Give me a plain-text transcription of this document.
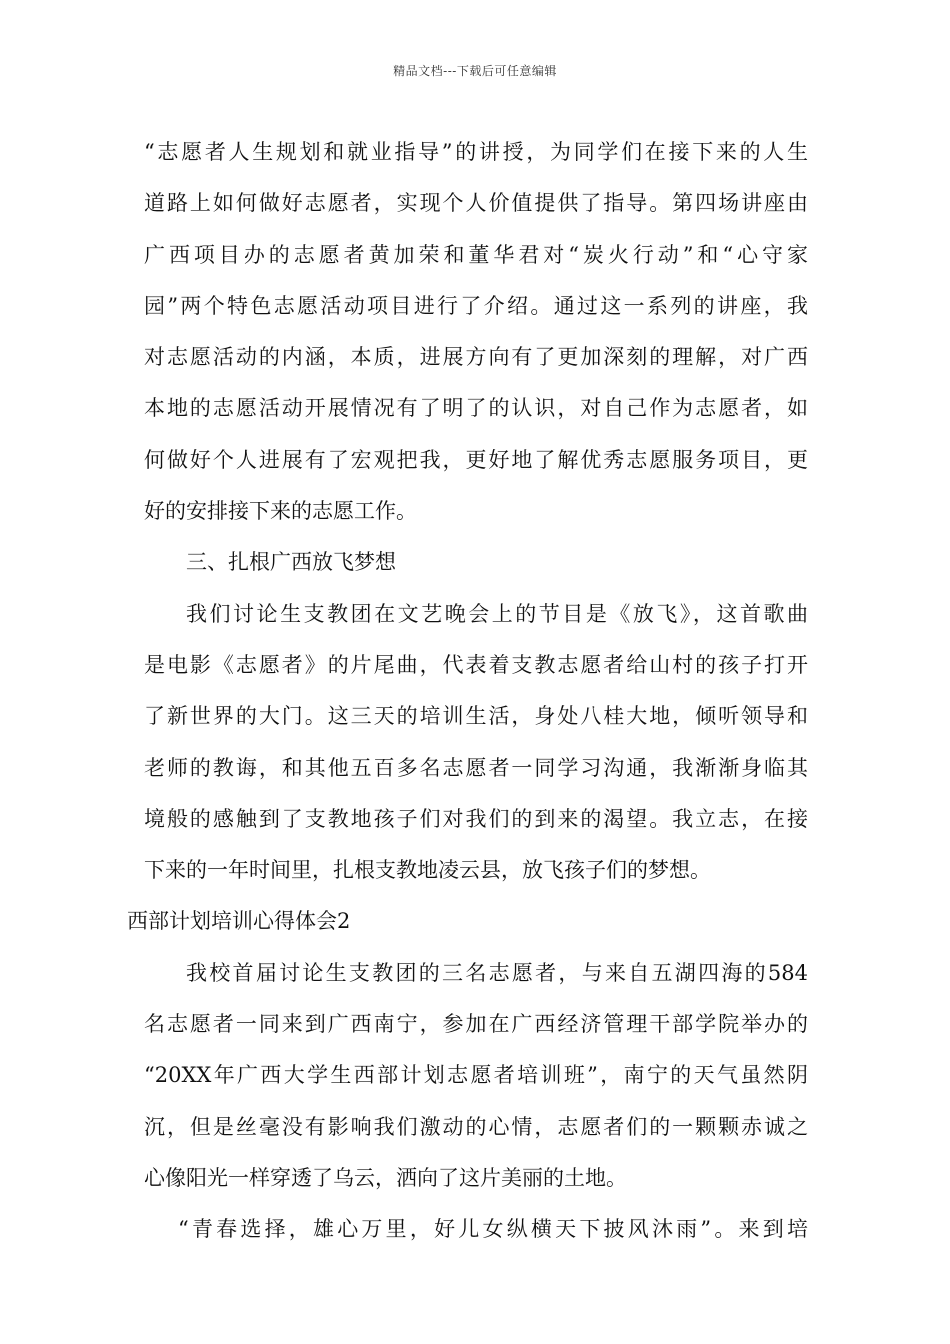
精品文档---下载后可任意编辑
“志愿者人生规划和就业指导”的讲授，为同学们在接下来的人生
道路上如何做好志愿者，实现个人价值提供了指导。第四场讲座由
广西项目办的志愿者黄加荣和董华君对“炭火行动”和“心守家
园”两个特色志愿活动项目进行了介绍。通过这一系列的讲座，我
对志愿活动的内涵，本质，进展方向有了更加深刻的理解，对广西
本地的志愿活动开展情况有了明了的认识，对自己作为志愿者，如
何做好个人进展有了宏观把我，更好地了解优秀志愿服务项目，更
好的安排接下来的志愿工作。
三、扎根广西放飞梦想
我们讨论生支教团在文艺晚会上的节目是《放飞》，这首歌曲
是电影《志愿者》的片尾曲，代表着支教志愿者给山村的孩子打开
了新世界的大门。这三天的培训生活，身处八桂大地，倾听领导和
老师的教诲，和其他五百多名志愿者一同学习沟通，我渐渐身临其
境般的感触到了支教地孩子们对我们的到来的渴望。我立志，在接
下来的一年时间里，扎根支教地凌云县，放飞孩子们的梦想。
西部计划培训心得体会2
我校首届讨论生支教团的三名志愿者，与来自五湖四海的584
名志愿者一同来到广西南宁，参加在广西经济管理干部学院举办的
“20XX年广西大学生西部计划志愿者培训班”，南宁的天气虽然阴
沉，但是丝毫没有影响我们激动的心情，志愿者们的一颗颗赤诚之
心像阳光一样穿透了乌云，洒向了这片美丽的土地。
“青春选择，雄心万里，好儿女纵横天下披风沐雨”。来到培
